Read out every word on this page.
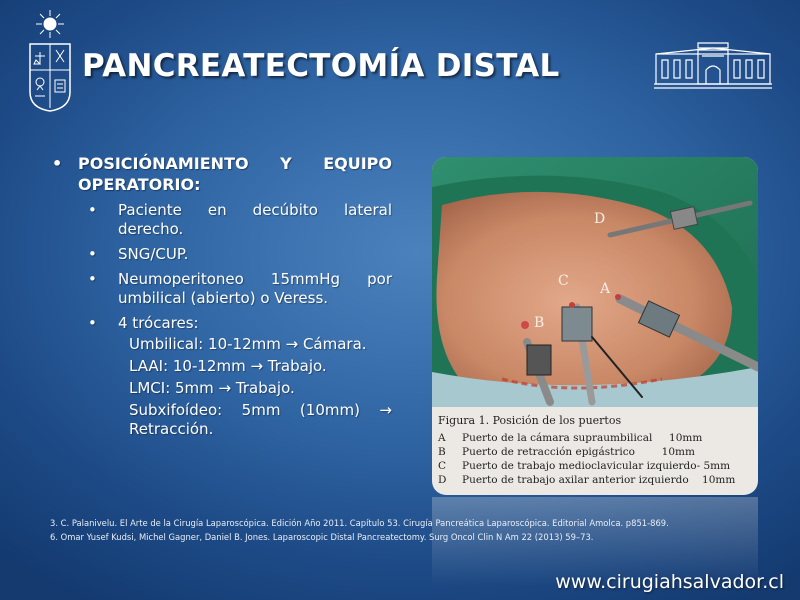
PANCREATECTOMÍA DISTAL
• POSICIÓNAMIENTO Y EQUIPO OPERATORIO:
• Paciente en decúbito lateral derecho.
• SNG/CUP.
• Neumoperitoneo 15mmHg por umbilical (abierto) o Veress.
• 4 trócares:
Umbilical: 10-12mm → Cámara.
LAAI: 10-12mm → Trabajo.
LMCI: 5mm → Trabajo.
Subxifoídeo: 5mm (10mm) → Retracción.
D
C A
B
Figura 1. Posición de los puertos
A Puerto de la cámara supraumbilical 10mm
B Puerto de retracción epigástrico	10mm
C Puerto de trabajo medioclavicular izquierdo- 5mm
D Puerto de trabajo axilar anterior izquierdo 10mm

3. C. Palanivelu. El Arte de la Cirugía Laparoscópica. Edición Año 2011. Capítulo 53. Cirugía Pancreática Laparoscópica. Editorial Amolca. p851-869.

6. Omar Yusef Kudsi, Michel Gagner, Daniel B. Jones. Laparoscopic Distal Pancreatectomy. Surg Oncol Clin N Am 22 (2013) 59–73.

www.cirugiahsalvador.cl
